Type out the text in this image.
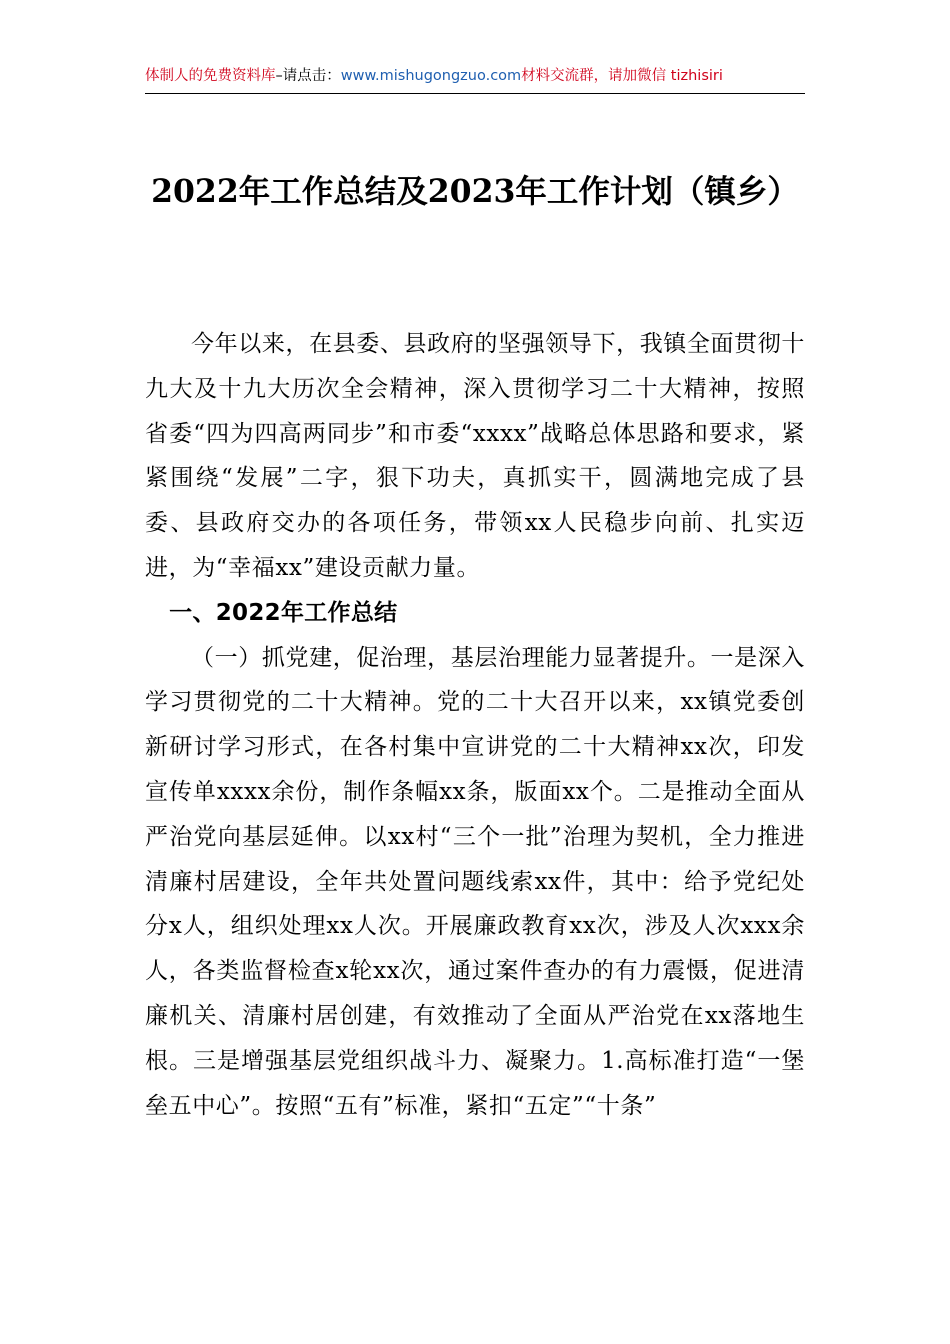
体制人的免费资料库–请点击：www.mishugongzuo.com材料交流群，请加微信 tizhisiri
2022年工作总结及2023年工作计划（镇乡）

今年以来，在县委、县政府的坚强领导下，我镇全面贯彻十九大及十九大历次全会精神，深入贯彻学习二十大精神，按照省委“四为四高两同步”和市委“xxxx”战略总体思路和要求，紧紧围绕“发展”二字，狠下功夫，真抓实干，圆满地完成了县委、县政府交办的各项任务，带领xx人民稳步向前、扎实迈进，为“幸福xx”建设贡献力量。

一、2022年工作总结

（一）抓党建，促治理，基层治理能力显著提升。一是深入学习贯彻党的二十大精神。党的二十大召开以来，xx镇党委创新研讨学习形式，在各村集中宣讲党的二十大精神xx次，印发宣传单xxxx余份，制作条幅xx条，版面xx个。二是推动全面从严治党向基层延伸。以xx村“三个一批”治理为契机，全力推进清廉村居建设，全年共处置问题线索xx件，其中：给予党纪处分x人，组织处理xx人次。开展廉政教育xx次，涉及人次xxx余人，各类监督检查x轮xx次，通过案件查办的有力震慑，促进清廉机关、清廉村居创建，有效推动了全面从严治党在xx落地生根。三是增强基层党组织战斗力、凝聚力。1.高标准打造“一堡垒五中心”。按照“五有”标准，紧扣“五定”“十条”
